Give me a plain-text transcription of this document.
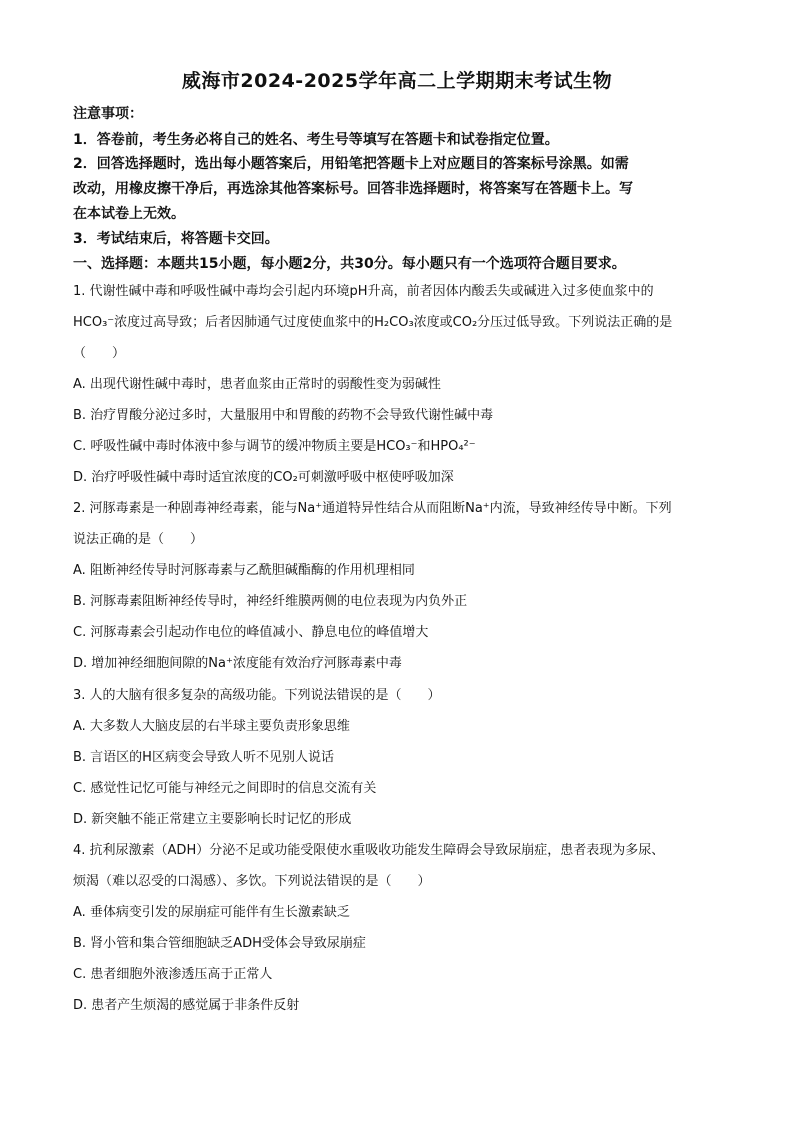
威海市2024-2025学年高二上学期期末考试生物
注意事项：
1．答卷前，考生务必将自己的姓名、考生号等填写在答题卡和试卷指定位置。
2．回答选择题时，选出每小题答案后，用铅笔把答题卡上对应题目的答案标号涂黑。如需
改动，用橡皮擦干净后，再选涂其他答案标号。回答非选择题时，将答案写在答题卡上。写
在本试卷上无效。
3．考试结束后，将答题卡交回。
一、选择题：本题共15小题，每小题2分，共30分。每小题只有一个选项符合题目要求。
1. 代谢性碱中毒和呼吸性碱中毒均会引起内环境pH升高，前者因体内酸丢失或碱进入过多使血浆中的
HCO₃⁻浓度过高导致；后者因肺通气过度使血浆中的H₂CO₃浓度或CO₂分压过低导致。下列说法正确的是
（　　）
A. 出现代谢性碱中毒时，患者血浆由正常时的弱酸性变为弱碱性
B. 治疗胃酸分泌过多时，大量服用中和胃酸的药物不会导致代谢性碱中毒
C. 呼吸性碱中毒时体液中参与调节的缓冲物质主要是HCO₃⁻和HPO₄²⁻
D. 治疗呼吸性碱中毒时适宜浓度的CO₂可刺激呼吸中枢使呼吸加深
2. 河豚毒素是一种剧毒神经毒素，能与Na⁺通道特异性结合从而阻断Na⁺内流，导致神经传导中断。下列
说法正确的是（　　）
A. 阻断神经传导时河豚毒素与乙酰胆碱酯酶的作用机理相同
B. 河豚毒素阻断神经传导时，神经纤维膜两侧的电位表现为内负外正
C. 河豚毒素会引起动作电位的峰值减小、静息电位的峰值增大
D. 增加神经细胞间隙的Na⁺浓度能有效治疗河豚毒素中毒
3. 人的大脑有很多复杂的高级功能。下列说法错误的是（　　）
A. 大多数人大脑皮层的右半球主要负责形象思维
B. 言语区的H区病变会导致人听不见别人说话
C. 感觉性记忆可能与神经元之间即时的信息交流有关
D. 新突触不能正常建立主要影响长时记忆的形成
4. 抗利尿激素（ADH）分泌不足或功能受限使水重吸收功能发生障碍会导致尿崩症，患者表现为多尿、
烦渴（难以忍受的口渴感）、多饮。下列说法错误的是（　　）
A. 垂体病变引发的尿崩症可能伴有生长激素缺乏
B. 肾小管和集合管细胞缺乏ADH受体会导致尿崩症
C. 患者细胞外液渗透压高于正常人
D. 患者产生烦渴的感觉属于非条件反射
